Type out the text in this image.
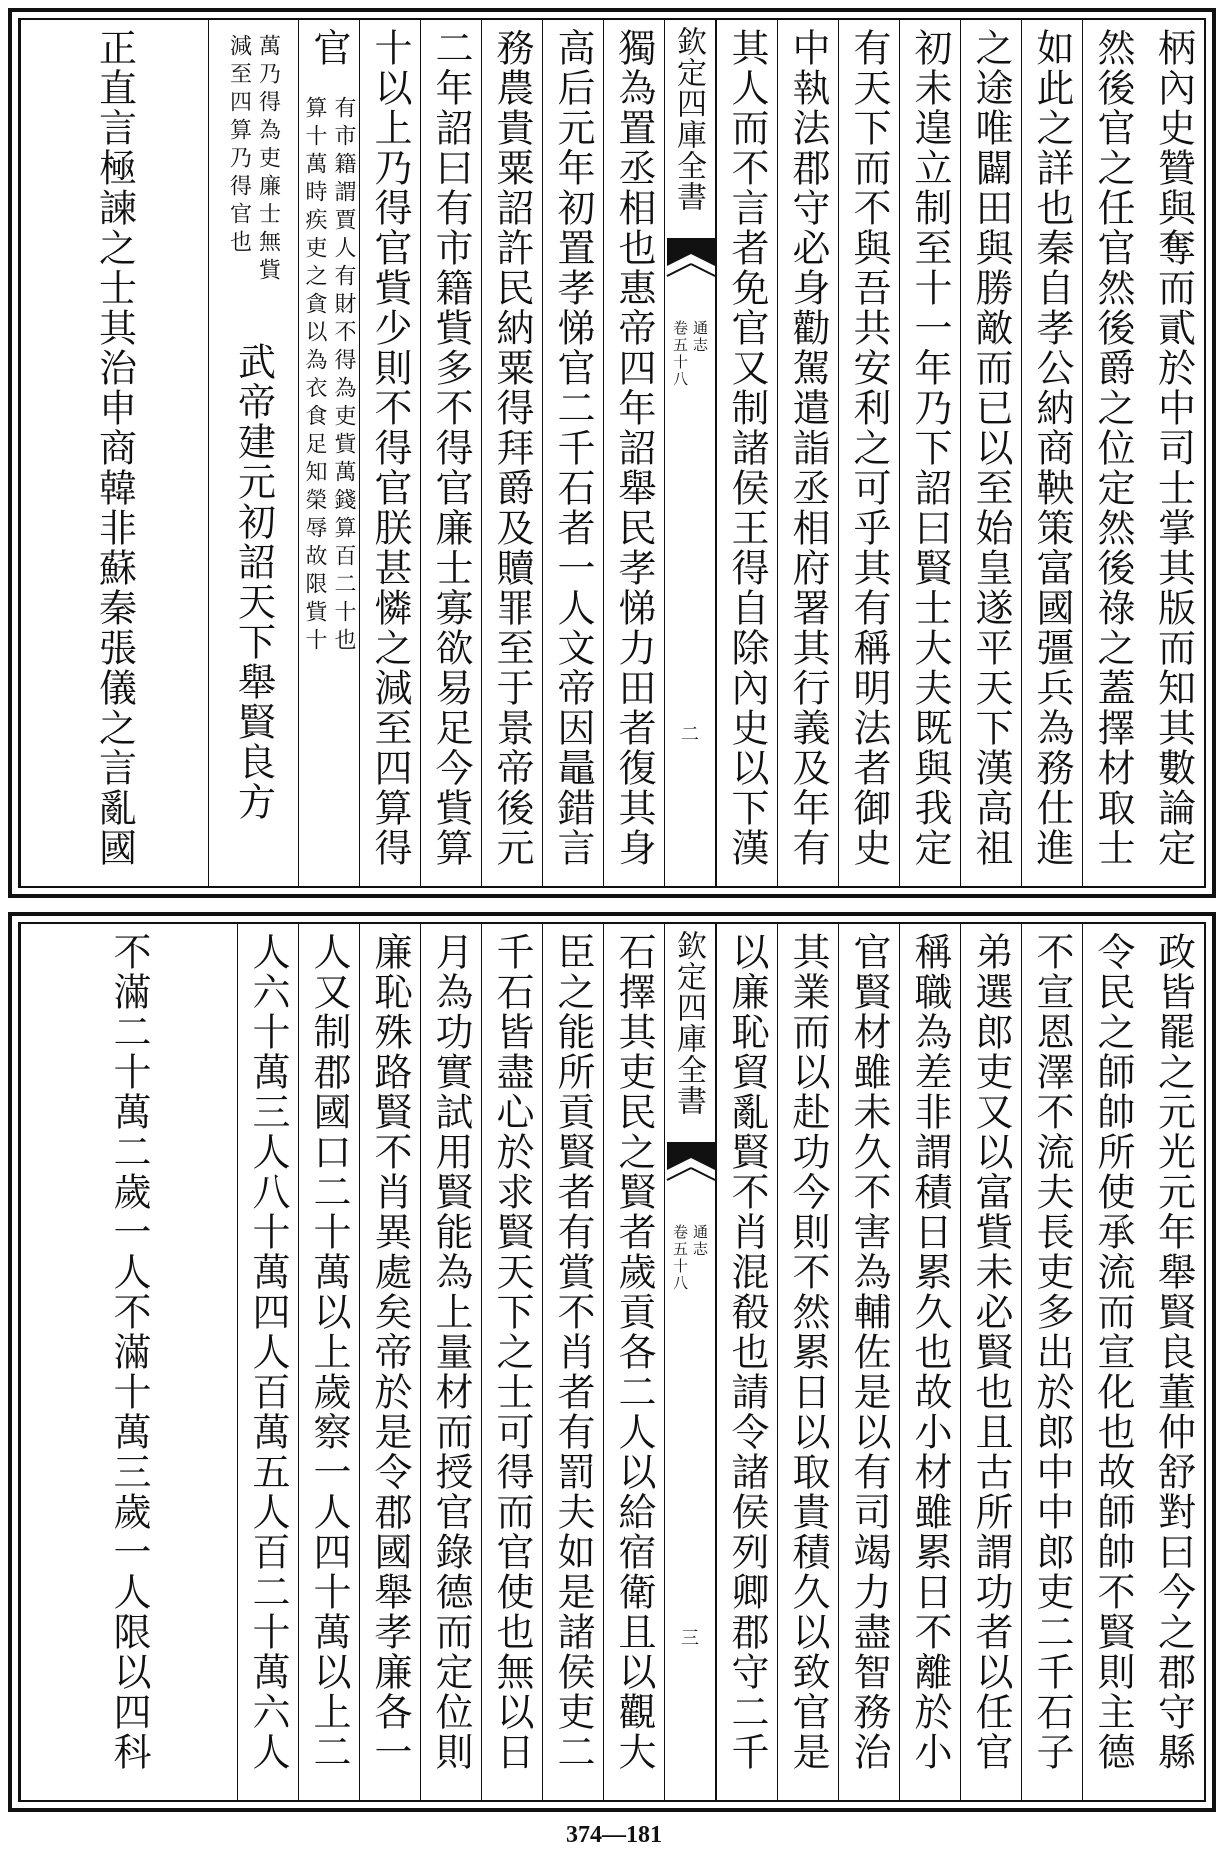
柄內史贊與奪而貳於中司士掌其版而知其數論定
然後官之任官然後爵之位定然後祿之蓋擇材取士
如此之詳也秦自孝公納商鞅策富國彊兵為務仕進
之途唯闢田與勝敵而已以至始皇遂平天下漢高祖
初未遑立制至十一年乃下詔曰賢士大夫既與我定
有天下而不與吾共安利之可乎其有稱明法者御史
中執法郡守必身勸駕遣詣丞相府署其行義及年有
其人而不言者免官又制諸侯王得自除內史以下漢
欽定四庫全書
通志
卷五十八
二
獨為置丞相也惠帝四年詔舉民孝悌力田者復其身
高后元年初置孝悌官二千石者一人文帝因鼂錯言
務農貴粟詔許民納粟得拜爵及贖罪至于景帝後元
二年詔曰有市籍貲多不得官廉士寡欲易足今貲算
十以上乃得官貲少則不得官朕甚憐之減至四算得
官
有市籍謂賈人有財不得為吏貲萬錢算百二十也
算十萬時疾吏之貪以為衣食足知榮辱故限貲十
萬乃得為吏廉士無貲
減至四算乃得官也
武帝建元初詔天下舉賢良方
正直言極諫之士其治申商韓非蘇秦張儀之言亂國
政皆罷之元光元年舉賢良董仲舒對曰今之郡守縣
令民之師帥所使承流而宣化也故師帥不賢則主德
不宣恩澤不流夫長吏多出於郎中中郎吏二千石子
弟選郎吏又以富貲未必賢也且古所謂功者以任官
稱職為差非謂積日累久也故小材雖累日不離於小
官賢材雖未久不害為輔佐是以有司竭力盡智務治
其業而以赴功今則不然累日以取貴積久以致官是
以廉恥貿亂賢不肖混殽也請令諸侯列卿郡守二千
欽定四庫全書
通志
卷五十八
三
石擇其吏民之賢者歲貢各二人以給宿衛且以觀大
臣之能所貢賢者有賞不肖者有罰夫如是諸侯吏二
千石皆盡心於求賢天下之士可得而官使也無以日
月為功實試用賢能為上量材而授官錄德而定位則
廉恥殊路賢不肖異處矣帝於是令郡國舉孝廉各一
人又制郡國口二十萬以上歲察一人四十萬以上二
人六十萬三人八十萬四人百萬五人百二十萬六人
不滿二十萬二歲一人不滿十萬三歲一人限以四科
374—181
